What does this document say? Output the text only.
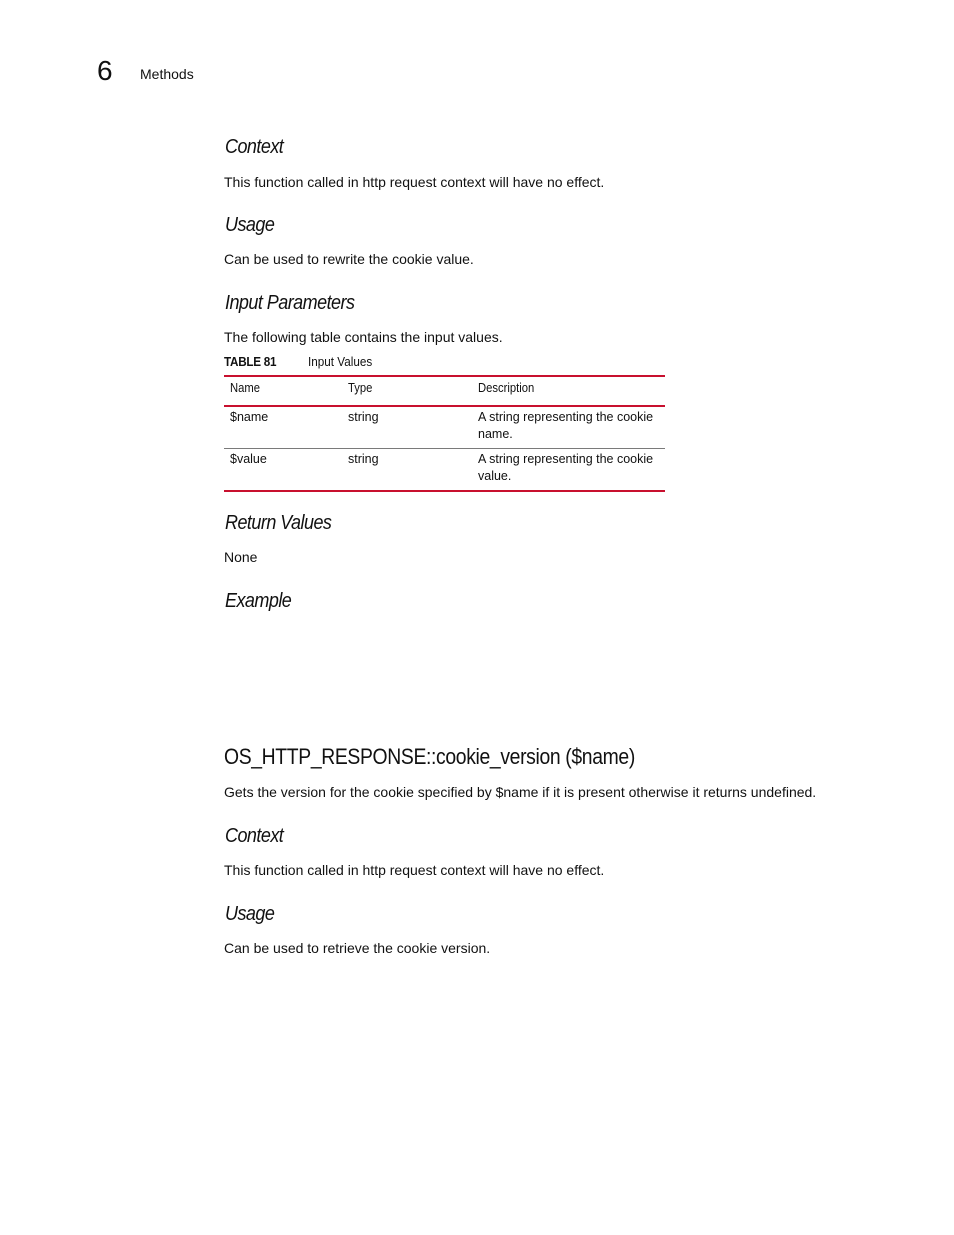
6 Methods
Context
This function called in http request context will have no effect.
Usage
Can be used to rewrite the cookie value.
Input Parameters
The following table contains the input values.
TABLE 81 Input Values
Name	Type	Description
$name	string	A string representing the cookie name.
$value	string	A string representing the cookie value.
Return Values
None
Example
OS_HTTP_RESPONSE::cookie_version ($name)
Gets the version for the cookie specified by $name if it is present otherwise it returns undefined.
Context
This function called in http request context will have no effect.
Usage
Can be used to retrieve the cookie version.
